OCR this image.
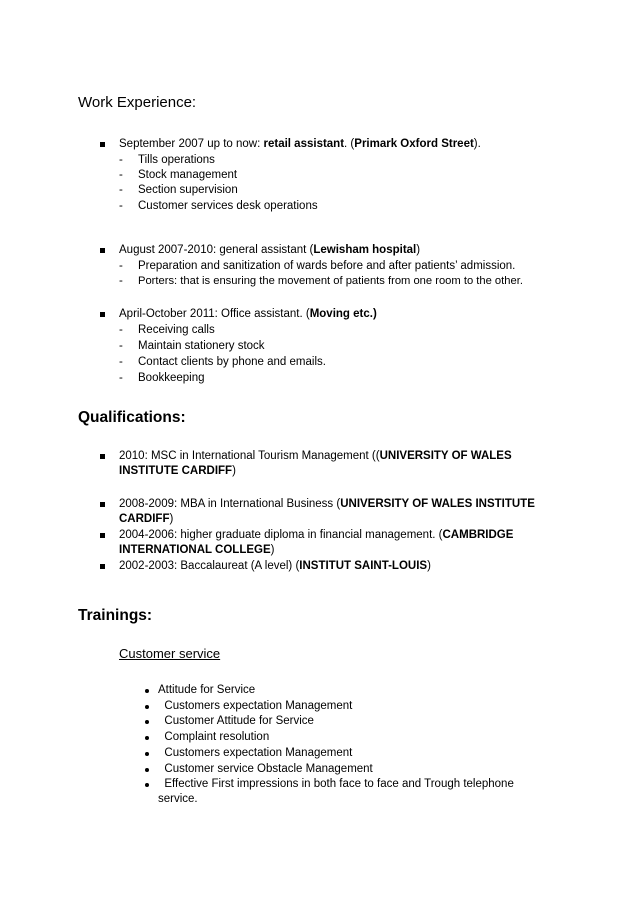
Work Experience:
September 2007 up to now: retail assistant. (Primark Oxford Street).
- Tills operations
- Stock management
- Section supervision
- Customer services desk operations
August 2007-2010: general assistant (Lewisham hospital)
- Preparation and sanitization of wards before and after patients’ admission.
- Porters: that is ensuring the movement of patients from one room to the other.
April-October 2011: Office assistant. (Moving etc.)
- Receiving calls
- Maintain stationery stock
- Contact clients by phone and emails.
- Bookkeeping
Qualifications:
2010: MSC in International Tourism Management ((UNIVERSITY OF WALES
INSTITUTE CARDIFF)
2008-2009: MBA in International Business (UNIVERSITY OF WALES INSTITUTE
CARDIFF)
2004-2006: higher graduate diploma in financial management. (CAMBRIDGE
INTERNATIONAL COLLEGE)
2002-2003: Baccalaureat (A level) (INSTITUT SAINT-LOUIS)
Trainings:
Customer service
Attitude for Service
Customers expectation Management
Customer Attitude for Service
Complaint resolution
Customers expectation Management
Customer service Obstacle Management
Effective First impressions in both face to face and Trough telephone
service.
